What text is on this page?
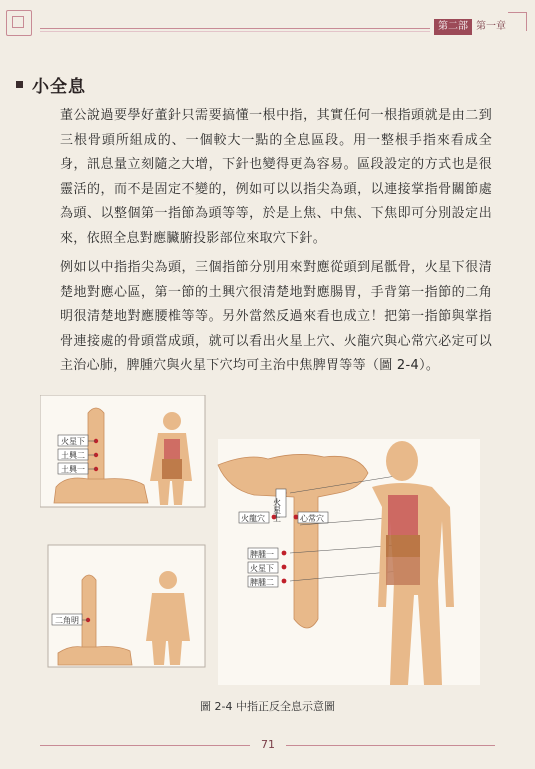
第二部 第一章
小全息
董公說過要學好董針只需要搞懂一根中指，其實任何一根指頭就是由二到三根骨頭所組成的、一個較大一點的全息區段。用一整根手指來看成全身，訊息量立刻隨之大增，下針也變得更為容易。區段設定的方式也是很靈活的，而不是固定不變的，例如可以以指尖為頭，以連接掌指骨關節處為頭、以整個第一指節為頭等等，於是上焦、中焦、下焦即可分別設定出來，依照全息對應臟腑投影部位來取穴下針。
例如以中指指尖為頭，三個指節分別用來對應從頭到尾骶骨，火星下很清楚地對應心區，第一節的土興穴很清楚地對應腸胃，手背第一指節的二角明很清楚地對應腰椎等等。另外當然反過來看也成立！把第一指節與掌指骨連接處的骨頭當成頭，就可以看出火星上穴、火龍穴與心常穴必定可以主治心肺，脾腫穴與火星下穴均可主治中焦脾胃等等（圖 2-4）。
火星下
土興二
土興一
二角明
火星上
火龍穴	心常穴
脾腫一
火星下
脾腫二
圖 2-4 中指正反全息示意圖
71
